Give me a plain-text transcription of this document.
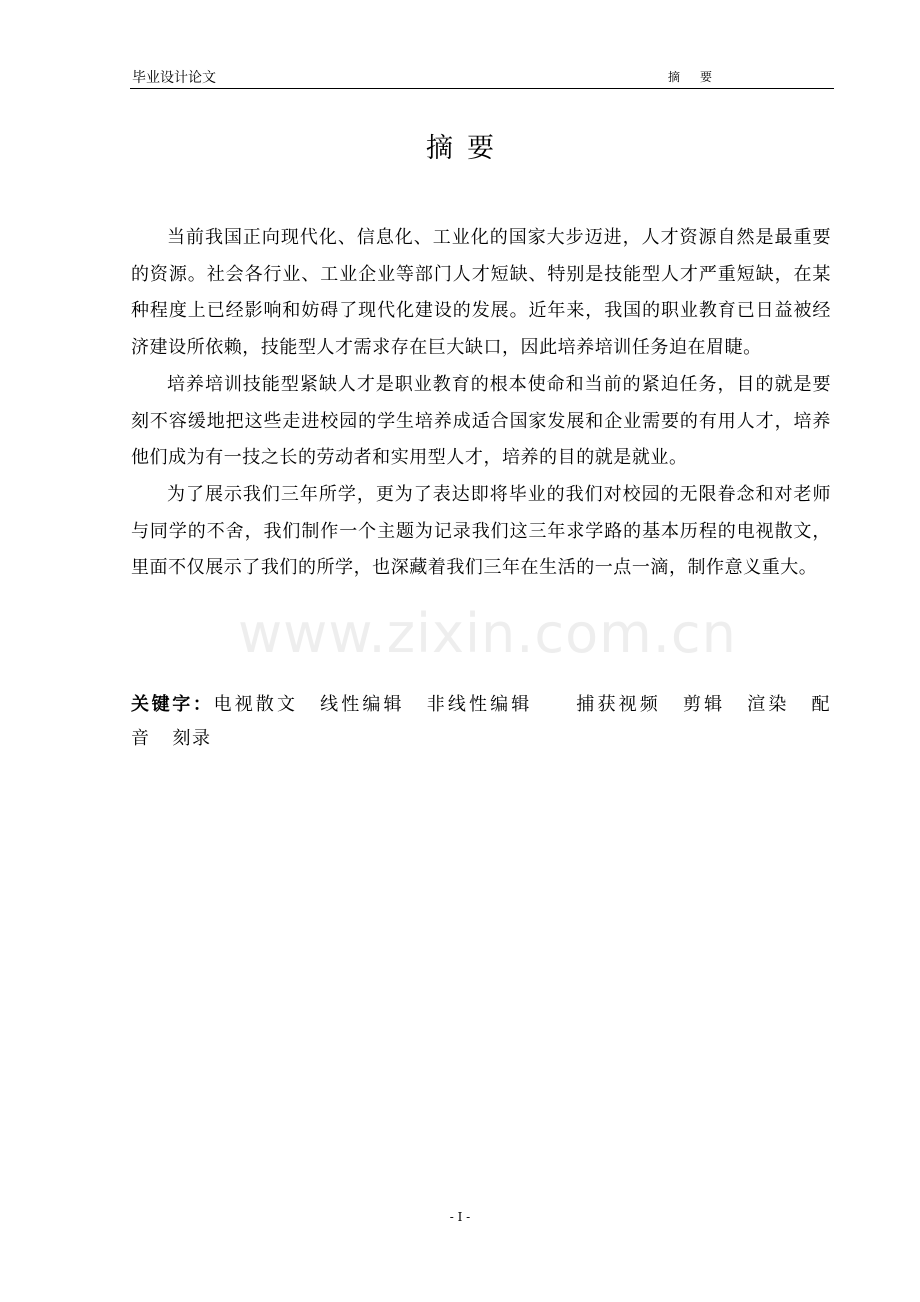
毕业设计论文	摘要
摘要

当前我国正向现代化、信息化、工业化的国家大步迈进，人才资源自然是最重要的资源。社会各行业、工业企业等部门人才短缺、特别是技能型人才严重短缺，在某种程度上已经影响和妨碍了现代化建设的发展。近年来，我国的职业教育已日益被经济建设所依赖，技能型人才需求存在巨大缺口，因此培养培训任务迫在眉睫。

培养培训技能型紧缺人才是职业教育的根本使命和当前的紧迫任务，目的就是要刻不容缓地把这些走进校园的学生培养成适合国家发展和企业需要的有用人才，培养他们成为有一技之长的劳动者和实用型人才，培养的目的就是就业。

为了展示我们三年所学，更为了表达即将毕业的我们对校园的无限眷念和对老师与同学的不舍，我们制作一个主题为记录我们这三年求学路的基本历程的电视散文，里面不仅展示了我们的所学，也深藏着我们三年在生活的一点一滴，制作意义重大。

www.zixin.com.cn
关键字：电视散文 线性编辑 非线性编辑 捕获视频 剪辑 渲染 配音 刻录
- I -
